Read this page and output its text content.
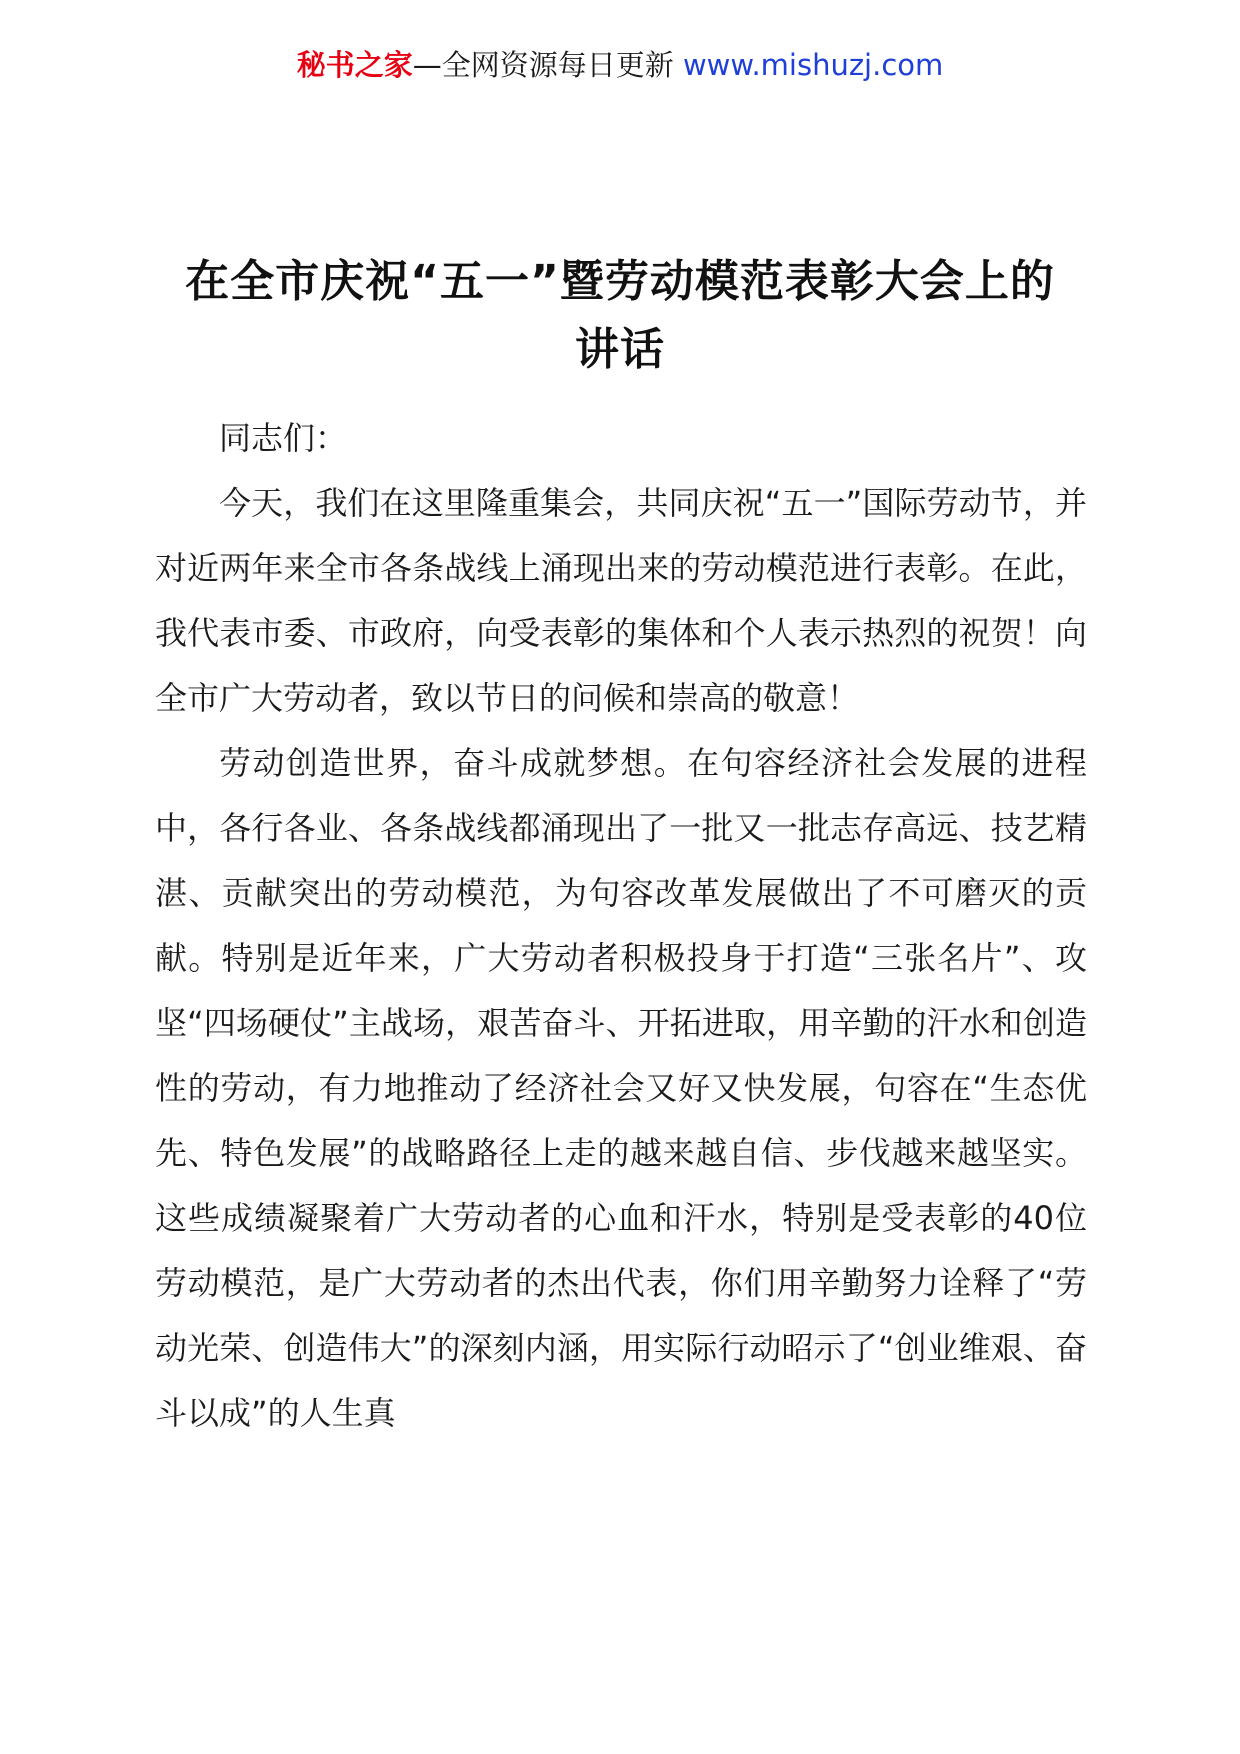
秘书之家—全网资源每日更新 www.mishuzj.com
在全市庆祝“五一”暨劳动模范表彰大会上的
讲话

同志们：

今天，我们在这里隆重集会，共同庆祝“五一”国际劳动节，并对近两年来全市各条战线上涌现出来的劳动模范进行表彰。在此，我代表市委、市政府，向受表彰的集体和个人表示热烈的祝贺！向全市广大劳动者，致以节日的问候和崇高的敬意！

劳动创造世界，奋斗成就梦想。在句容经济社会发展的进程中，各行各业、各条战线都涌现出了一批又一批志存高远、技艺精湛、贡献突出的劳动模范，为句容改革发展做出了不可磨灭的贡献。特别是近年来，广大劳动者积极投身于打造“三张名片”、攻坚“四场硬仗”主战场，艰苦奋斗、开拓进取，用辛勤的汗水和创造性的劳动，有力地推动了经济社会又好又快发展，句容在“生态优先、特色发展”的战略路径上走的越来越自信、步伐越来越坚实。这些成绩凝聚着广大劳动者的心血和汗水，特别是受表彰的40位劳动模范，是广大劳动者的杰出代表，你们用辛勤努力诠释了“劳动光荣、创造伟大”的深刻内涵，用实际行动昭示了“创业维艰、奋斗以成”的人生真
